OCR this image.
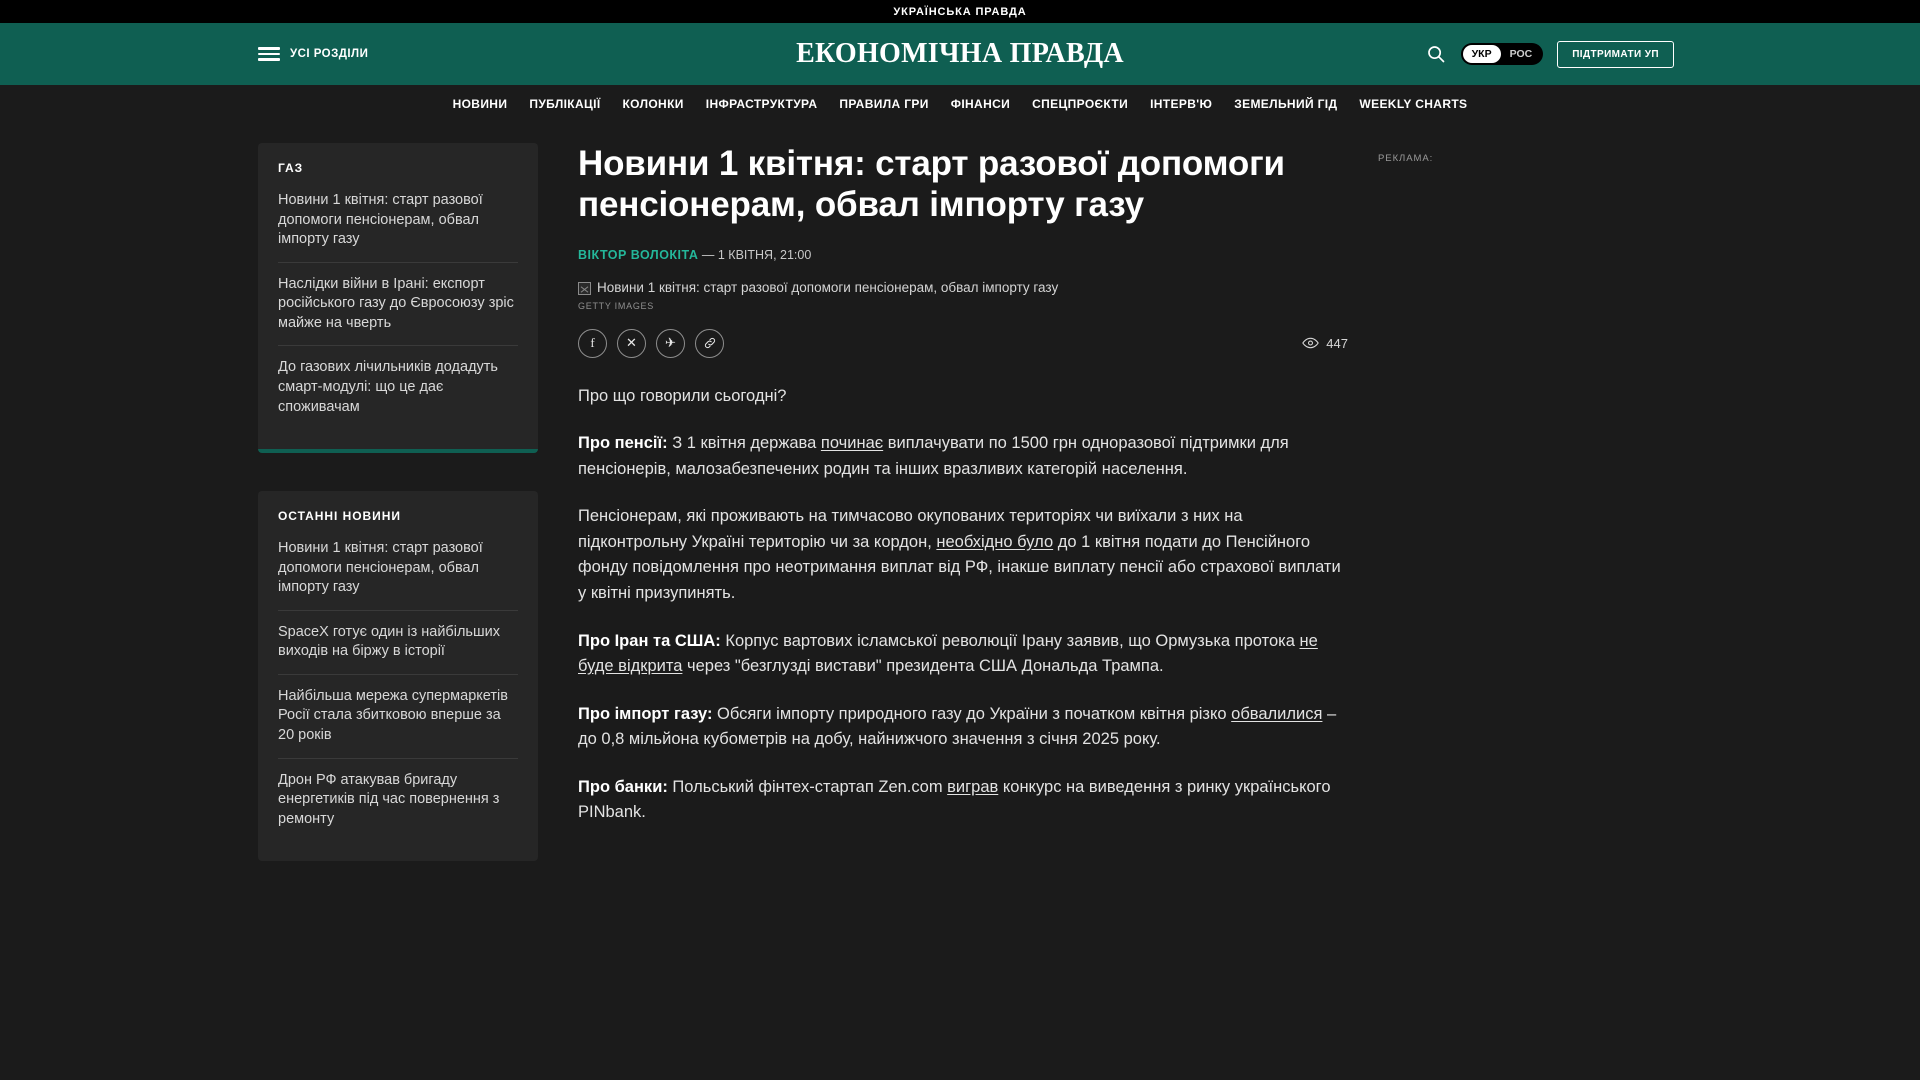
УКРАЇНСЬКА ПРАВДА
УСІ РОЗДІЛИ	ЕКОНОМІЧНА ПРАВДА	УКР	РОС	ПІДТРИМАТИ УП
НОВИНИ ПУБЛІКАЦІЇ КОЛОНКИ ІНФРАСТРУКТУРА ПРАВИЛА ГРИ ФІНАНСИ СПЕЦПРОЄКТИ ІНТЕРВ'Ю ЗЕМЕЛЬНИЙ ГІД WEEKLY CHARTS
ГАЗ
Новини 1 квітня: старт разової допомоги пенсіонерам, обвал імпорту газу
Наслідки війни в Ірані: експорт російського газу до Євросоюзу зріс майже на чверть
До газових лічильників додадуть смарт-модулі: що це дає споживачам
ОСТАННІ НОВИНИ
Новини 1 квітня: старт разової допомоги пенсіонерам, обвал імпорту газу
SpaceX готує один із найбільших виходів на біржу в історії
Найбільша мережа супермаркетів Росії стала збитковою вперше за 20 років
Дрон РФ атакував бригаду енергетиків під час повернення з ремонту
Новини 1 квітня: старт разової допомоги пенсіонерам, обвал імпорту газу
ВІКТОР ВОЛОКІТА — 1 КВІТНЯ, 21:00
Новини 1 квітня: старт разової допомоги пенсіонерам, обвал імпорту газу
GETTY IMAGES
f	✕	✈	447

Про що говорили сьогодні?

Про пенсії: З 1 квітня держава починає виплачувати по 1500 грн одноразової підтримки для пенсіонерів, малозабезпечених родин та інших вразливих категорій населення.

Пенсіонерам, які проживають на тимчасово окупованих територіях чи виїхали з них на підконтрольну Україні територію чи за кордон, необхідно було до 1 квітня подати до Пенсійного фонду повідомлення про неотримання виплат від РФ, інакше виплату пенсії або страхової виплати у квітні призупинять.

Про Іран та США: Корпус вартових ісламської революції Ірану заявив, що Ормузька протока не буде відкрита через "безглузді вистави" президента США Дональда Трампа.

Про імпорт газу: Обсяги імпорту природного газу до України з початком квітня різко обвалилися – до 0,8 мільйона кубометрів на добу, найнижчого значення з січня 2025 року.

Про банки: Польський фінтех-стартап Zen.com виграв конкурс на виведення з ринку українського PINbank.

РЕКЛАМА:
